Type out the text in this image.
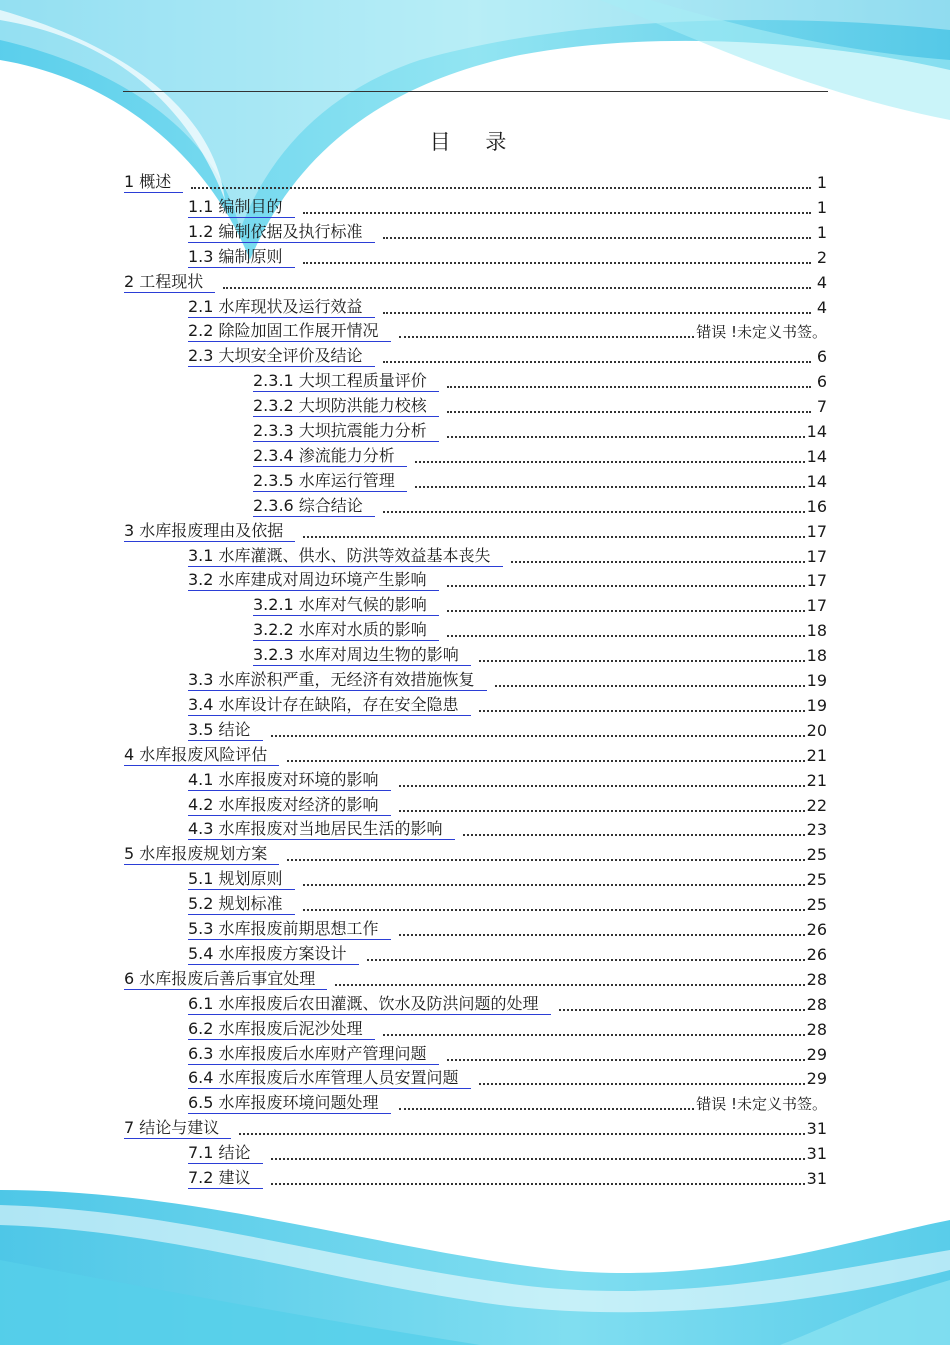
目 录
1 概述	1
1.1 编制目的	1
1.2 编制依据及执行标准	1
1.3 编制原则	2
2 工程现状	4
2.1 水库现状及运行效益	4
2.2 除险加固工作展开情况	错误 !未定义书签。
2.3 大坝安全评价及结论	6
2.3.1 大坝工程质量评价	6
2.3.2 大坝防洪能力校核	7
2.3.3 大坝抗震能力分析	14
2.3.4 渗流能力分析	14
2.3.5 水库运行管理	14
2.3.6 综合结论	16
3 水库报废理由及依据	17
3.1 水库灌溉、供水、防洪等效益基本丧失	17
3.2 水库建成对周边环境产生影响	17
3.2.1 水库对气候的影响	17
3.2.2 水库对水质的影响	18
3.2.3 水库对周边生物的影响	18
3.3 水库淤积严重，无经济有效措施恢复	19
3.4 水库设计存在缺陷，存在安全隐患	19
3.5 结论	20
4 水库报废风险评估	21
4.1 水库报废对环境的影响	21
4.2 水库报废对经济的影响	22
4.3 水库报废对当地居民生活的影响	23
5 水库报废规划方案	25
5.1 规划原则	25
5.2 规划标准	25
5.3 水库报废前期思想工作	26
5.4 水库报废方案设计	26
6 水库报废后善后事宜处理	28
6.1 水库报废后农田灌溉、饮水及防洪问题的处理	28
6.2 水库报废后泥沙处理	28
6.3 水库报废后水库财产管理问题	29
6.4 水库报废后水库管理人员安置问题	29
6.5 水库报废环境问题处理	错误 !未定义书签。
7 结论与建议	31
7.1 结论	31
7.2 建议	31
